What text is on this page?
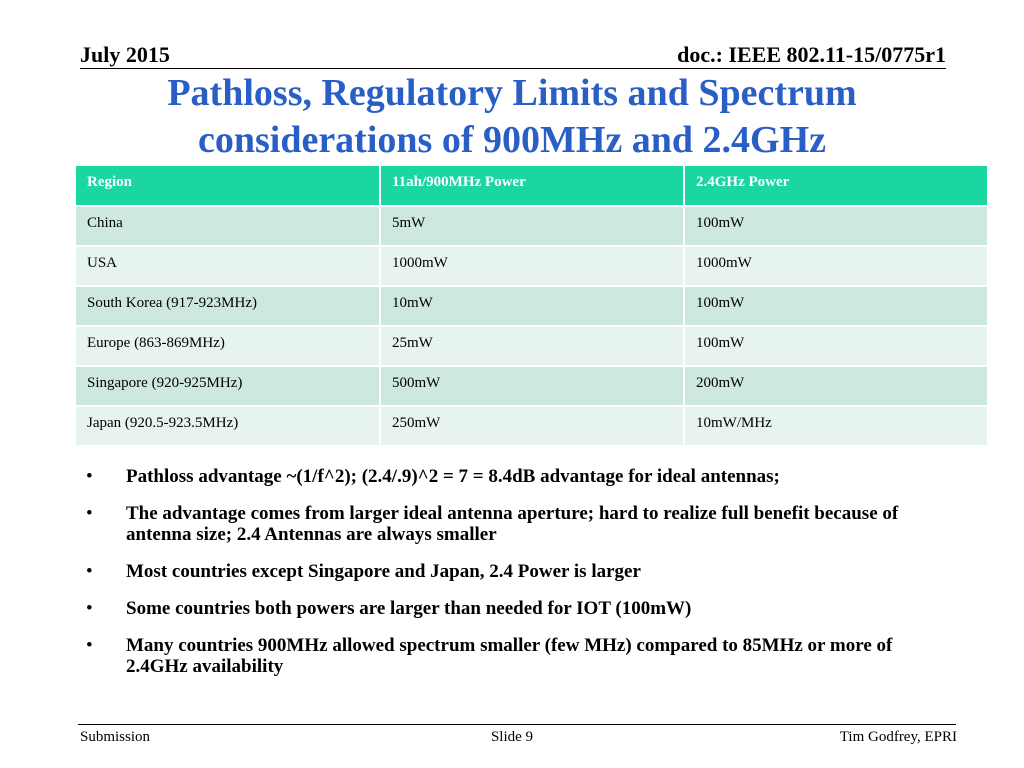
July 2015	doc.: IEEE 802.11-15/0775r1
Pathloss, Regulatory Limits and Spectrum
considerations of 900MHz and 2.4GHz
Region	11ah/900MHz Power	2.4GHz Power
China	5mW	100mW
USA	1000mW	1000mW
South Korea (917-923MHz)	10mW	100mW
Europe (863-869MHz)	25mW	100mW
Singapore (920-925MHz)	500mW	200mW
Japan (920.5-923.5MHz)	250mW	10mW/MHz
• Pathloss advantage ~(1/f^2); (2.4/.9)^2 = 7 = 8.4dB advantage for ideal antennas;
• The advantage comes from larger ideal antenna aperture; hard to realize full benefit because of antenna size; 2.4 Antennas are always smaller
• Most countries except Singapore and Japan, 2.4 Power is larger
• Some countries both powers are larger than needed for IOT (100mW)
• Many countries 900MHz allowed spectrum smaller (few MHz) compared to 85MHz or more of 2.4GHz availability
Submission	Slide 9	Tim Godfrey, EPRI
